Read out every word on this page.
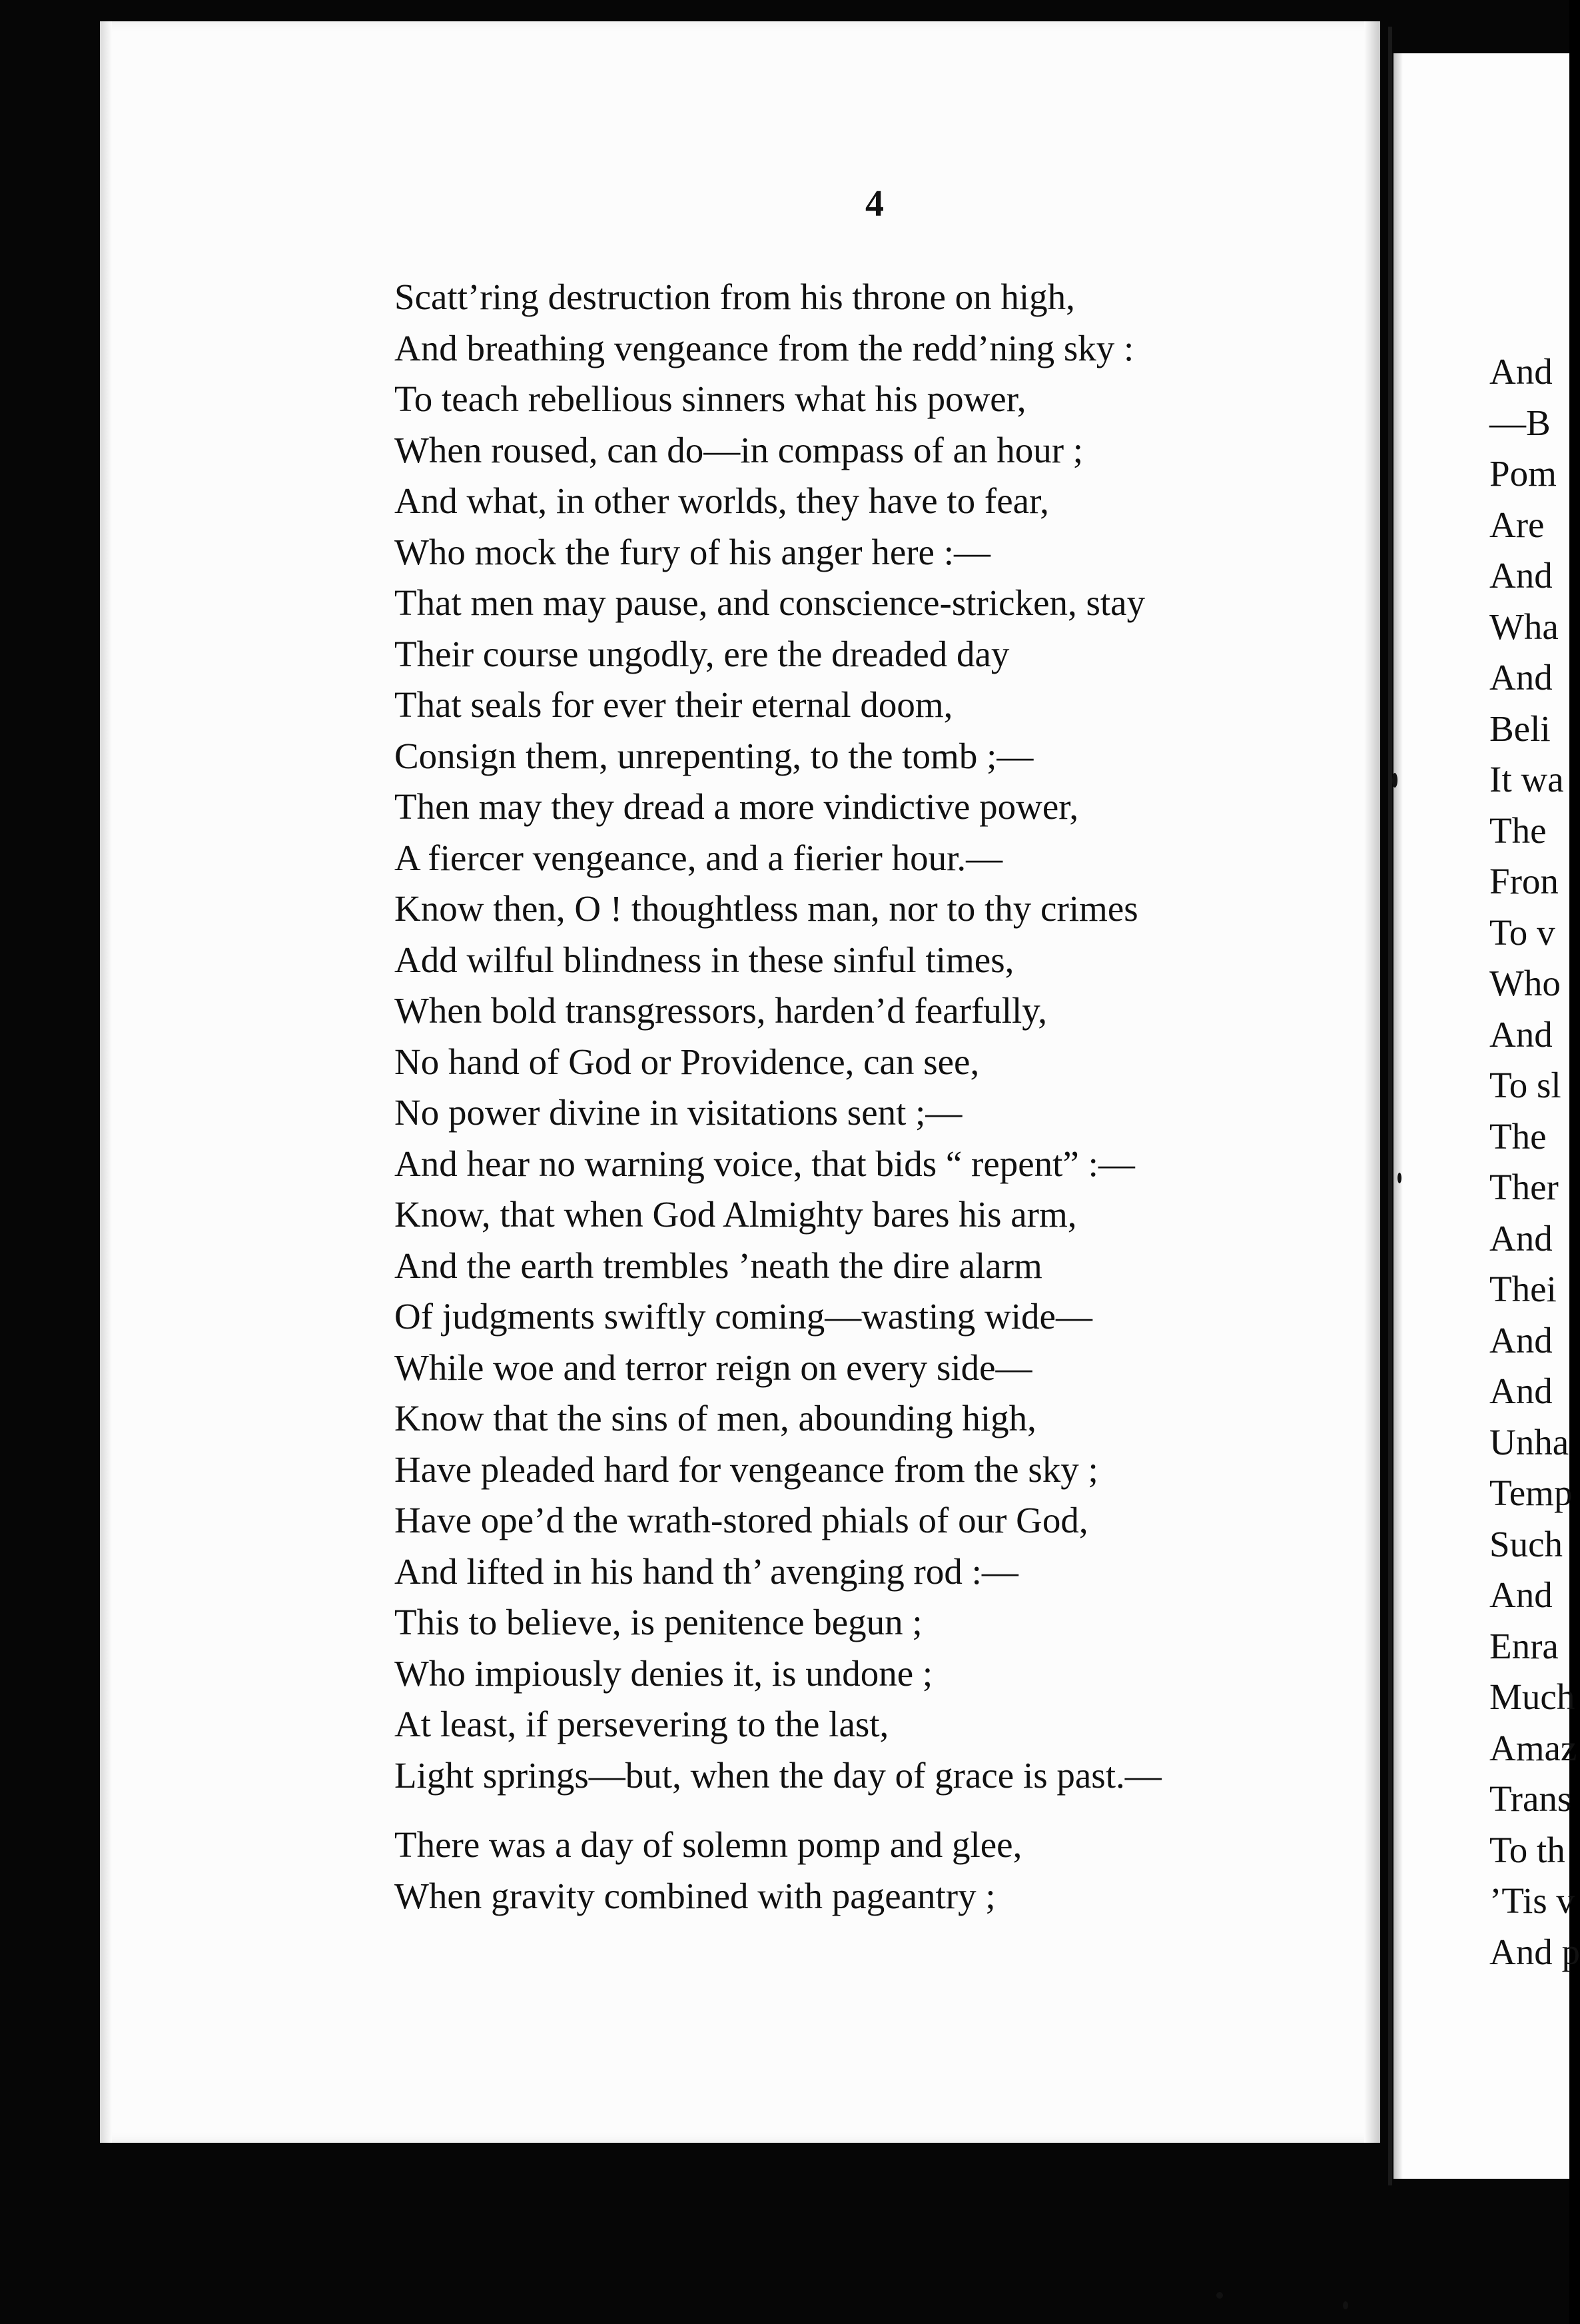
4
Scatt’ring destruction from his throne on high,
And breathing vengeance from the redd’ning sky :
To teach rebellious sinners what his power,
When roused, can do—in compass of an hour ;
And what, in other worlds, they have to fear,
Who mock the fury of his anger here :—
That men may pause, and conscience-stricken, stay
Their course ungodly, ere the dreaded day
That seals for ever their eternal doom,
Consign them, unrepenting, to the tomb ;—
Then may they dread a more vindictive power,
A fiercer vengeance, and a fierier hour.—
Know then, O ! thoughtless man, nor to thy crimes
Add wilful blindness in these sinful times,
When bold transgressors, harden’d fearfully,
No hand of God or Providence, can see,
No power divine in visitations sent ;—
And hear no warning voice, that bids “ repent” :—
Know, that when God Almighty bares his arm,
And the earth trembles ’neath the dire alarm
Of judgments swiftly coming—wasting wide—
While woe and terror reign on every side—
Know that the sins of men, abounding high,
Have pleaded hard for vengeance from the sky ;
Have ope’d the wrath-stored phials of our God,
And lifted in his hand th’ avenging rod :—
This to believe, is penitence begun ;
Who impiously denies it, is undone ;
At least, if persevering to the last,
Light springs—but, when the day of grace is past.—
There was a day of solemn pomp and glee,
When gravity combined with pageantry ;
And
—B
Pom
Are
And
Wha
And
Beli
It wa
The
Fron
To v
Who
And
To sl
The
Ther
And
Thei
And
And
Unha
Temp
Such
And
Enra
Much
Amaz
Trans
To th
’Tis v
And p
